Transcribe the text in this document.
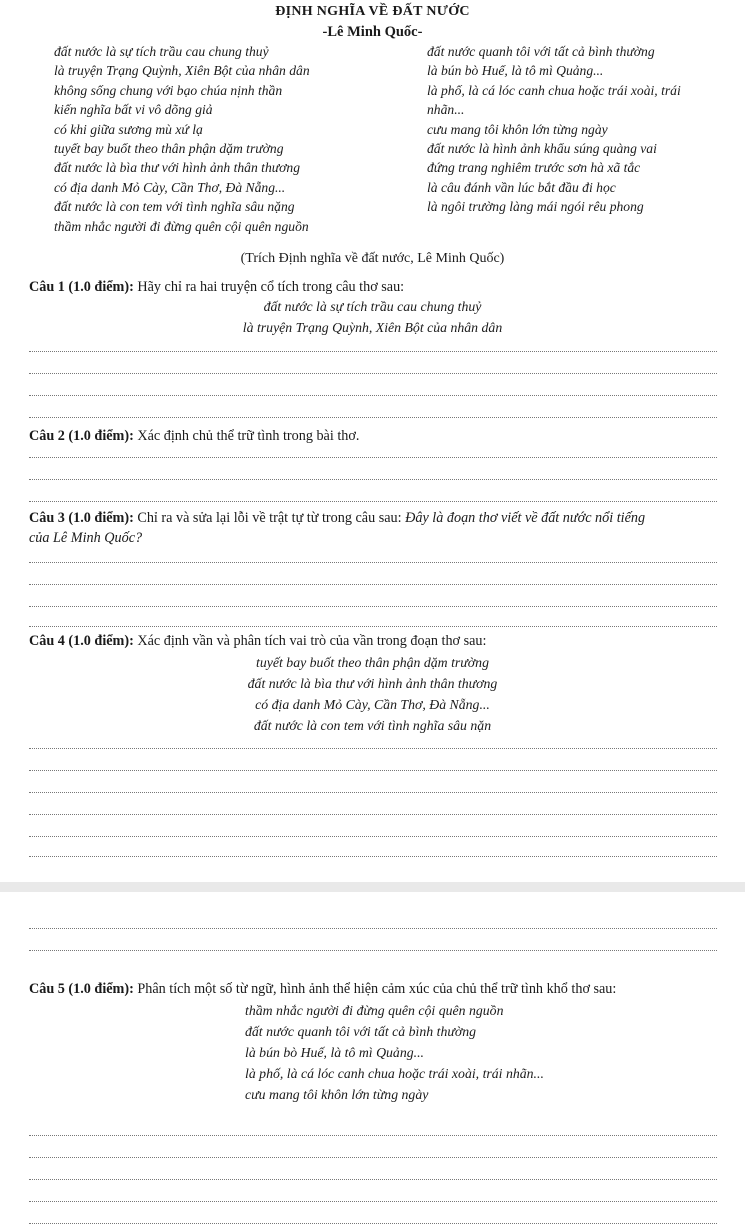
ĐỊNH NGHĨA VỀ ĐẤT NƯỚC
-Lê Minh Quốc-
đất nước là sự tích trầu cau chung thuỷ
là truyện Trạng Quỳnh, Xiên Bột của nhân dân
không sống chung với bạo chúa nịnh thần
kiến nghĩa bất vi vô dõng giả
có khi giữa sương mù xứ lạ
tuyết bay buốt theo thân phận dặm trường
đất nước là bìa thư với hình ảnh thân thương
có địa danh Mỏ Cày, Cần Thơ, Đà Nẵng...
đất nước là con tem với tình nghĩa sâu nặng
thầm nhắc người đi đừng quên cội quên nguồn
đất nước quanh tôi với tất cả bình thường
là bún bò Huế, là tô mì Quảng...
là phố, là cá lóc canh chua hoặc trái xoài, trái
nhãn...
cưu mang tôi khôn lớn từng ngày
đất nước là hình ảnh khẩu súng quàng vai
đứng trang nghiêm trước sơn hà xã tắc
là câu đánh vần lúc bắt đầu đi học
là ngôi trường làng mái ngói rêu phong
(Trích Định nghĩa về đất nước, Lê Minh Quốc)
Câu 1 (1.0 điểm): Hãy chỉ ra hai truyện cổ tích trong câu thơ sau:
đất nước là sự tích trầu cau chung thuỷ
là truyện Trạng Quỳnh, Xiên Bột của nhân dân
Câu 2 (1.0 điểm): Xác định chủ thể trữ tình trong bài thơ.
Câu 3 (1.0 điểm): Chỉ ra và sửa lại lỗi về trật tự từ trong câu sau: Đây là đoạn thơ viết về đất nước nổi tiếng
của Lê Minh Quốc?
Câu 4 (1.0 điểm): Xác định vần và phân tích vai trò của vần trong đoạn thơ sau:
tuyết bay buốt theo thân phận dặm trường
đất nước là bìa thư với hình ảnh thân thương
có địa danh Mỏ Cày, Cần Thơ, Đà Nẵng...
đất nước là con tem với tình nghĩa sâu nặn
Câu 5 (1.0 điểm): Phân tích một số từ ngữ, hình ảnh thể hiện cảm xúc của chủ thể trữ tình khổ thơ sau:
thầm nhắc người đi đừng quên cội quên nguồn
đất nước quanh tôi với tất cả bình thường
là bún bò Huế, là tô mì Quảng...
là phố, là cá lóc canh chua hoặc trái xoài, trái nhãn...
cưu mang tôi khôn lớn từng ngày
